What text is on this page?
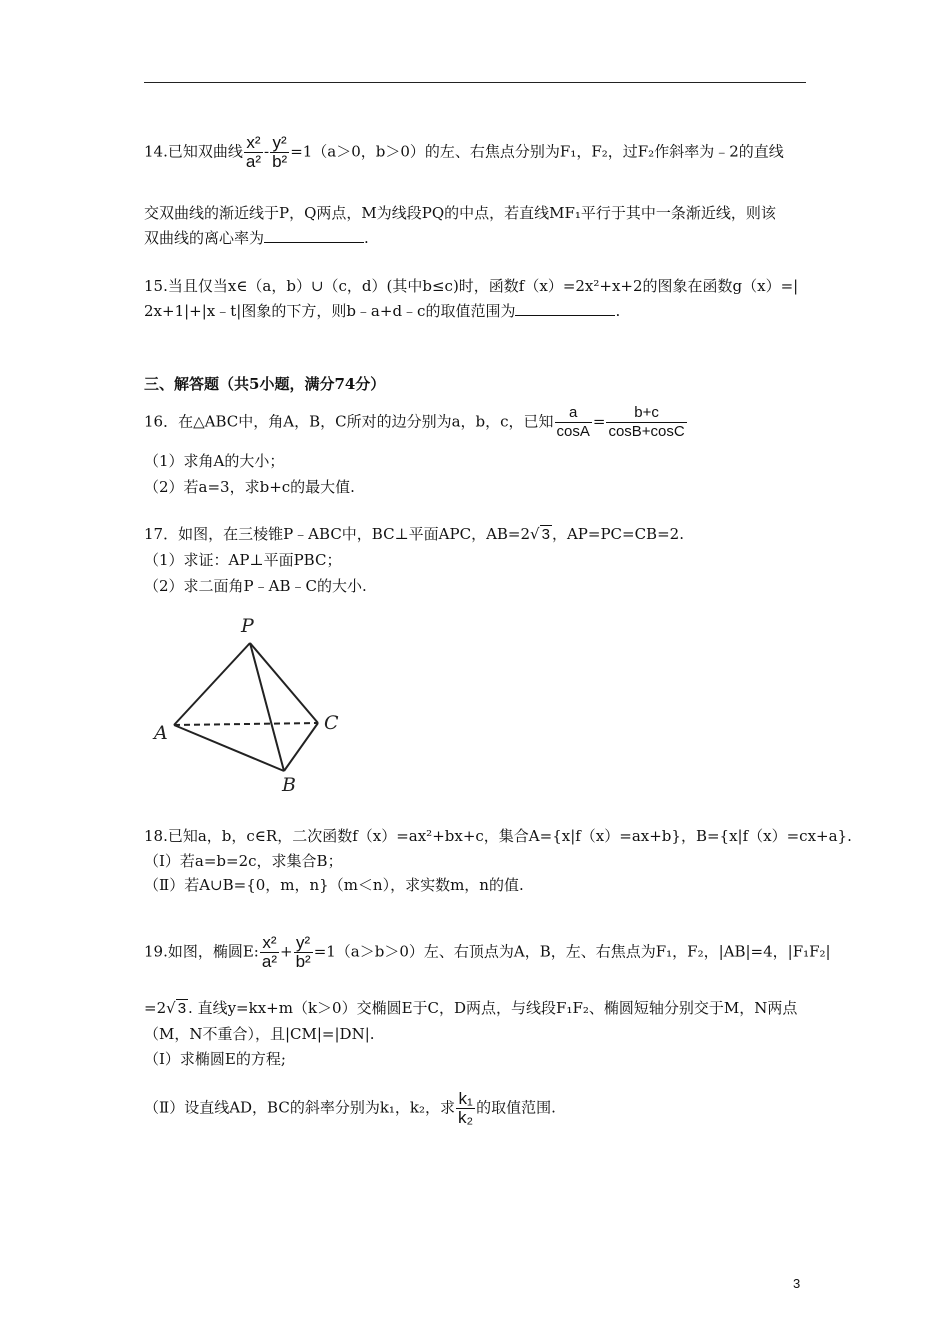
14.已知双曲线 $\frac{\text{x²}}{\text{a²}} - \frac{\text{y²}}{\text{b²}} =1(a>0$，b＞0）的左、右焦点分别为F₁，F₂，过F₂作斜率为﹣2的直线
交双曲线的渐近线于P，Q两点，M为线段PQ的中点，若直线MF₁平行于其中一条渐近线，则该
双曲线的离心率为	.
15.当且仅当x∈（a，b）∪（c，d）(其中b≤c)时，函数f（x）=2x²+x+2的图象在函数g（x）=|
2x+1|+|x﹣t|图象的下方，则b﹣a+d﹣c的取值范围为	.
三、解答题（共5小题，满分74分）
16．在△ABC中，角A，B，C所对的边分别为a，b，c，已知 $\frac{a}{\cos A} = \frac{b+c}{\cos B+\cos C}$
（1）求角A的大小；
（2）若a=3，求b+c的最大值.
17．如图，在三棱锥P﹣ABC中，BC⊥平面APC，AB=2√ 3 ，AP=PC=CB=2.
（1）求证：AP⊥平面PBC；
（2）求二面角P﹣AB﹣C的大小.
P
A
B
C
18.已知a，b，c∈R，二次函数f（x）=ax²+bx+c，集合A={x|f（x）=ax+b}，B={x|f（x）=cx+a}.
（Ⅰ）若a=b=2c，求集合B；
（Ⅱ）若A∪B={0，m，n}（m＜n），求实数m，n的值.
19.如图，椭圆E: $\frac{\text{x²}}{\text{a²}} + \frac{\text{y²}}{\text{b²}} =1(a>b>0)$左、右顶点为A，B，左、右焦点为F₁，F₂，|AB|=4，|F₁F₂|
=2√ 3 . 直线y=kx+m（k＞0）交椭圆E于C，D两点，与线段F₁F₂、椭圆短轴分别交于M，N两点
（M，N不重合），且|CM|=|DN|.
（Ⅰ）求椭圆E的方程;
（Ⅱ）设直线AD，BC的斜率分别为k₁，k₂，求 $\frac{\text{k₁}}{\text{k₂}}$ 的取值范围.
3
